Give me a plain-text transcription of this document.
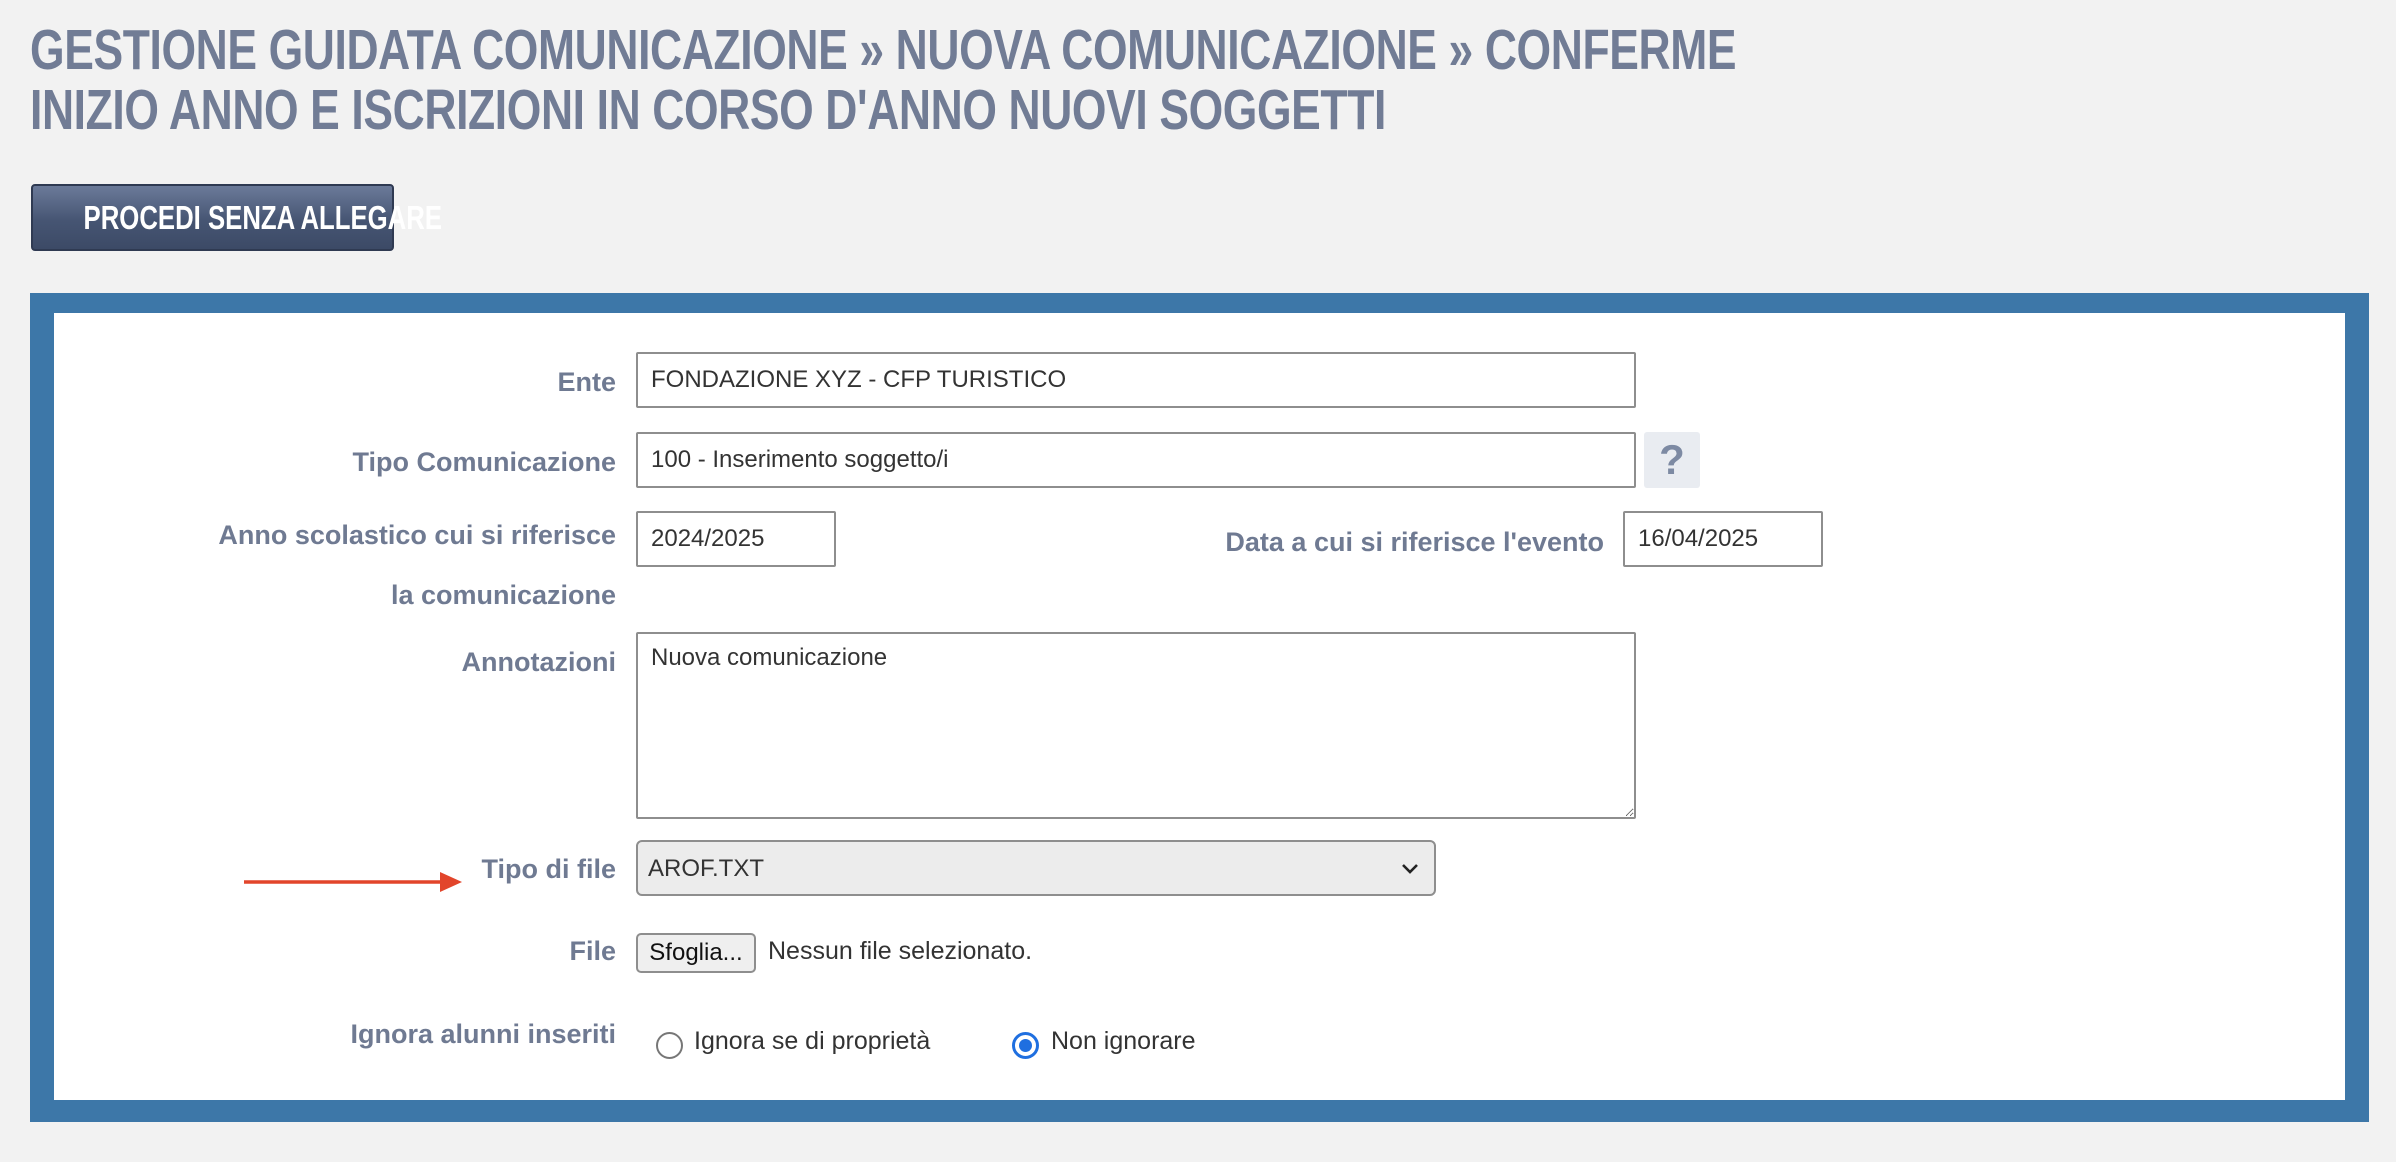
GESTIONE GUIDATA COMUNICAZIONE » NUOVA COMUNICAZIONE » CONFERME INIZIO ANNO E ISCRIZIONI IN CORSO D'ANNO NUOVI SOGGETTI
PROCEDI SENZA ALLEGARE
Ente
FONDAZIONE XYZ - CFP TURISTICO
Tipo Comunicazione
100 - Inserimento soggetto/i	?
Anno scolastico cui si riferisce la comunicazione
2024/2025
Data a cui si riferisce l'evento
16/04/2025
Annotazioni
Nuova comunicazione
Tipo di file
AROF.TXT
File	Sfoglia...	Nessun file selezionato.
Ignora alunni inseriti	Ignora se di proprietà	Non ignorare
